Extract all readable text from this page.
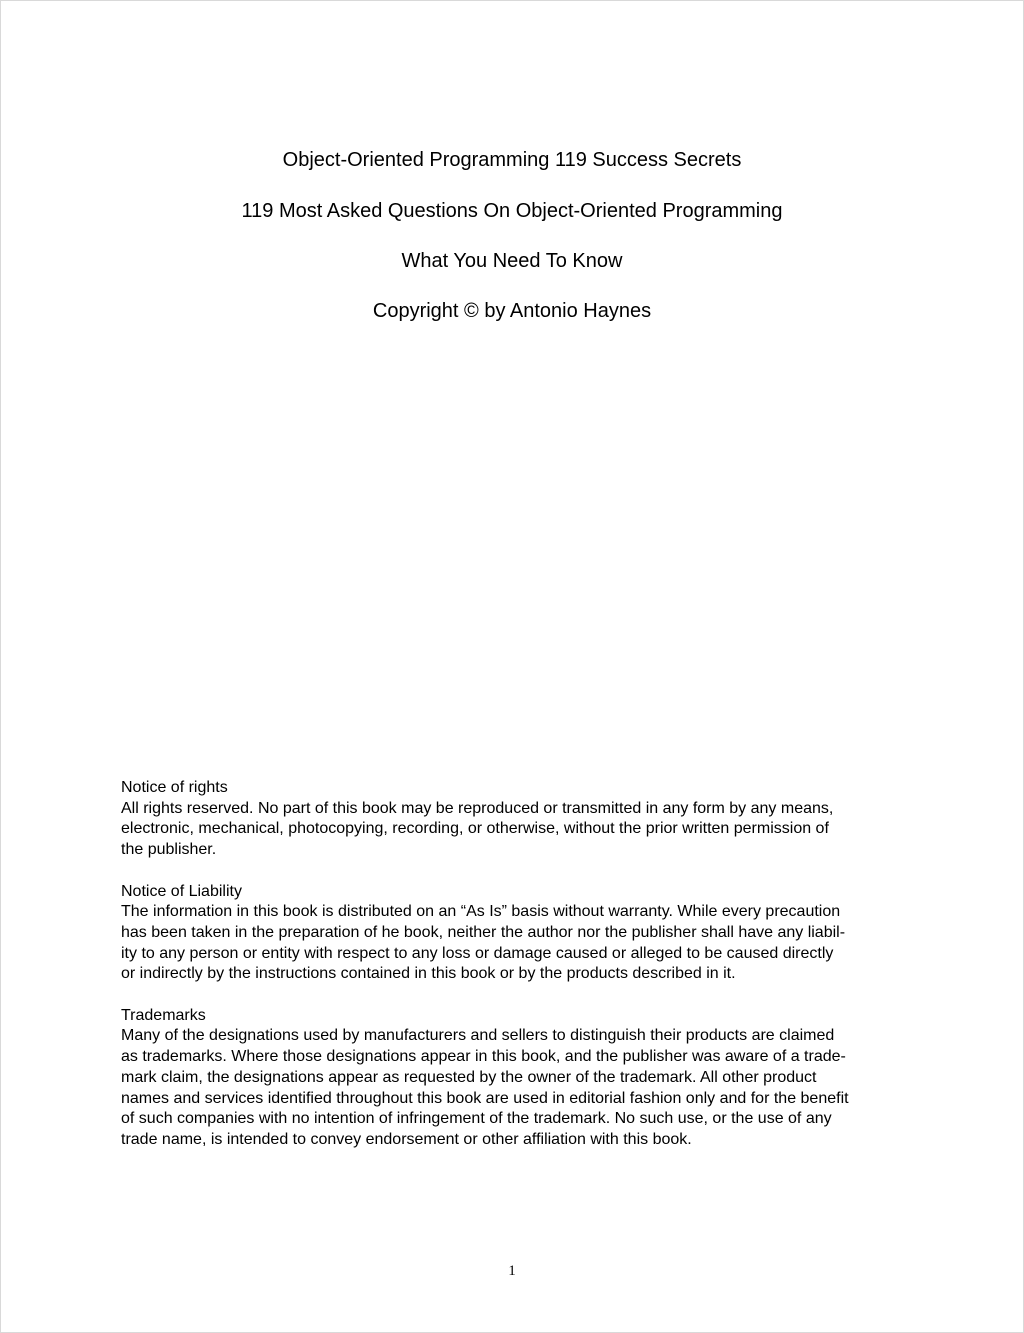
Object-Oriented Programming 119 Success Secrets
119 Most Asked Questions On Object-Oriented Programming
What You Need To Know
Copyright © by Antonio Haynes
Notice of rights
All rights reserved. No part of this book may be reproduced or transmitted in any form by any means,
electronic, mechanical, photocopying, recording, or otherwise, without the prior written permission of
the publisher.
Notice of Liability
The information in this book is distributed on an “As Is” basis without warranty. While every precaution
has been taken in the preparation of he book, neither the author nor the publisher shall have any liabil-
ity to any person or entity with respect to any loss or damage caused or alleged to be caused directly
or indirectly by the instructions contained in this book or by the products described in it.
Trademarks
Many of the designations used by manufacturers and sellers to distinguish their products are claimed
as trademarks. Where those designations appear in this book, and the publisher was aware of a trade-
mark claim, the designations appear as requested by the owner of the trademark. All other product
names and services identified throughout this book are used in editorial fashion only and for the benefit
of such companies with no intention of infringement of the trademark. No such use, or the use of any
trade name, is intended to convey endorsement or other affiliation with this book.
1
